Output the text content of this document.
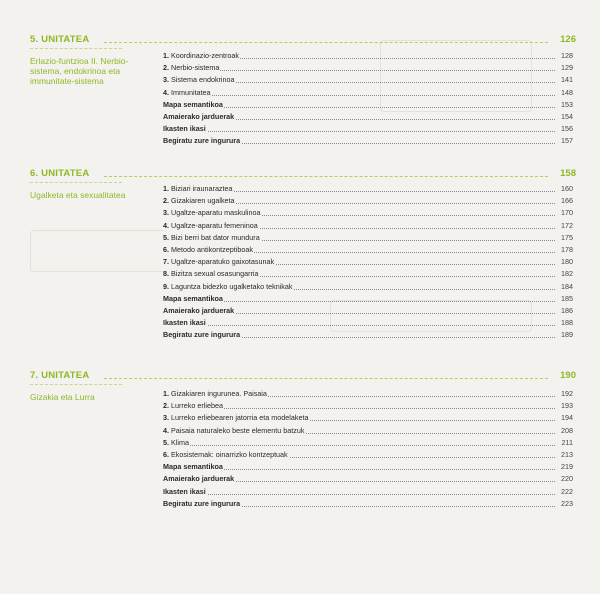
5. UNITATEA	126
Erlazio-funtzioa II. Nerbio-sistema, endokrinoa eta immunitate-sistema
1. Koordinazio-zentroak	128
2. Nerbio-sistema	129
3. Sistema endokrinoa	141
4. Immunitatea	148
Mapa semantikoa	153
Amaierako jarduerak	154
Ikasten ikasi	156
Begiratu zure ingurura	157
6. UNITATEA	158
Ugalketa eta sexualitatea
1. Biziari iraunaraztea	160
2. Gizakiaren ugalketa	166
3. Ugaltze-aparatu maskulinoa	170
4. Ugaltze-aparatu femeninoa	172
5. Bizi berri bat dator mundura	175
6. Metodo antikontzeptiboak	178
7. Ugaltze-aparatuko gaixotasunak	180
8. Bizitza sexual osasungarria	182
9. Laguntza bidezko ugalketako teknikak	184
Mapa semantikoa	185
Amaierako jarduerak	186
Ikasten ikasi	188
Begiratu zure ingurura	189
7. UNITATEA	190
Gizakia eta Lurra	1. Gizakiaren ingurunea. Paisaia	192
2. Lurreko erliebea	193
3. Lurreko erliebearen jatorria eta modelaketa	194
4. Paisaia naturaleko beste elementu batzuk	208
5. Klima	211
6. Ekosistemak: oinarrizko kontzeptuak	213
Mapa semantikoa	219
Amaierako jarduerak	220
Ikasten ikasi	222
Begiratu zure ingurura	223
